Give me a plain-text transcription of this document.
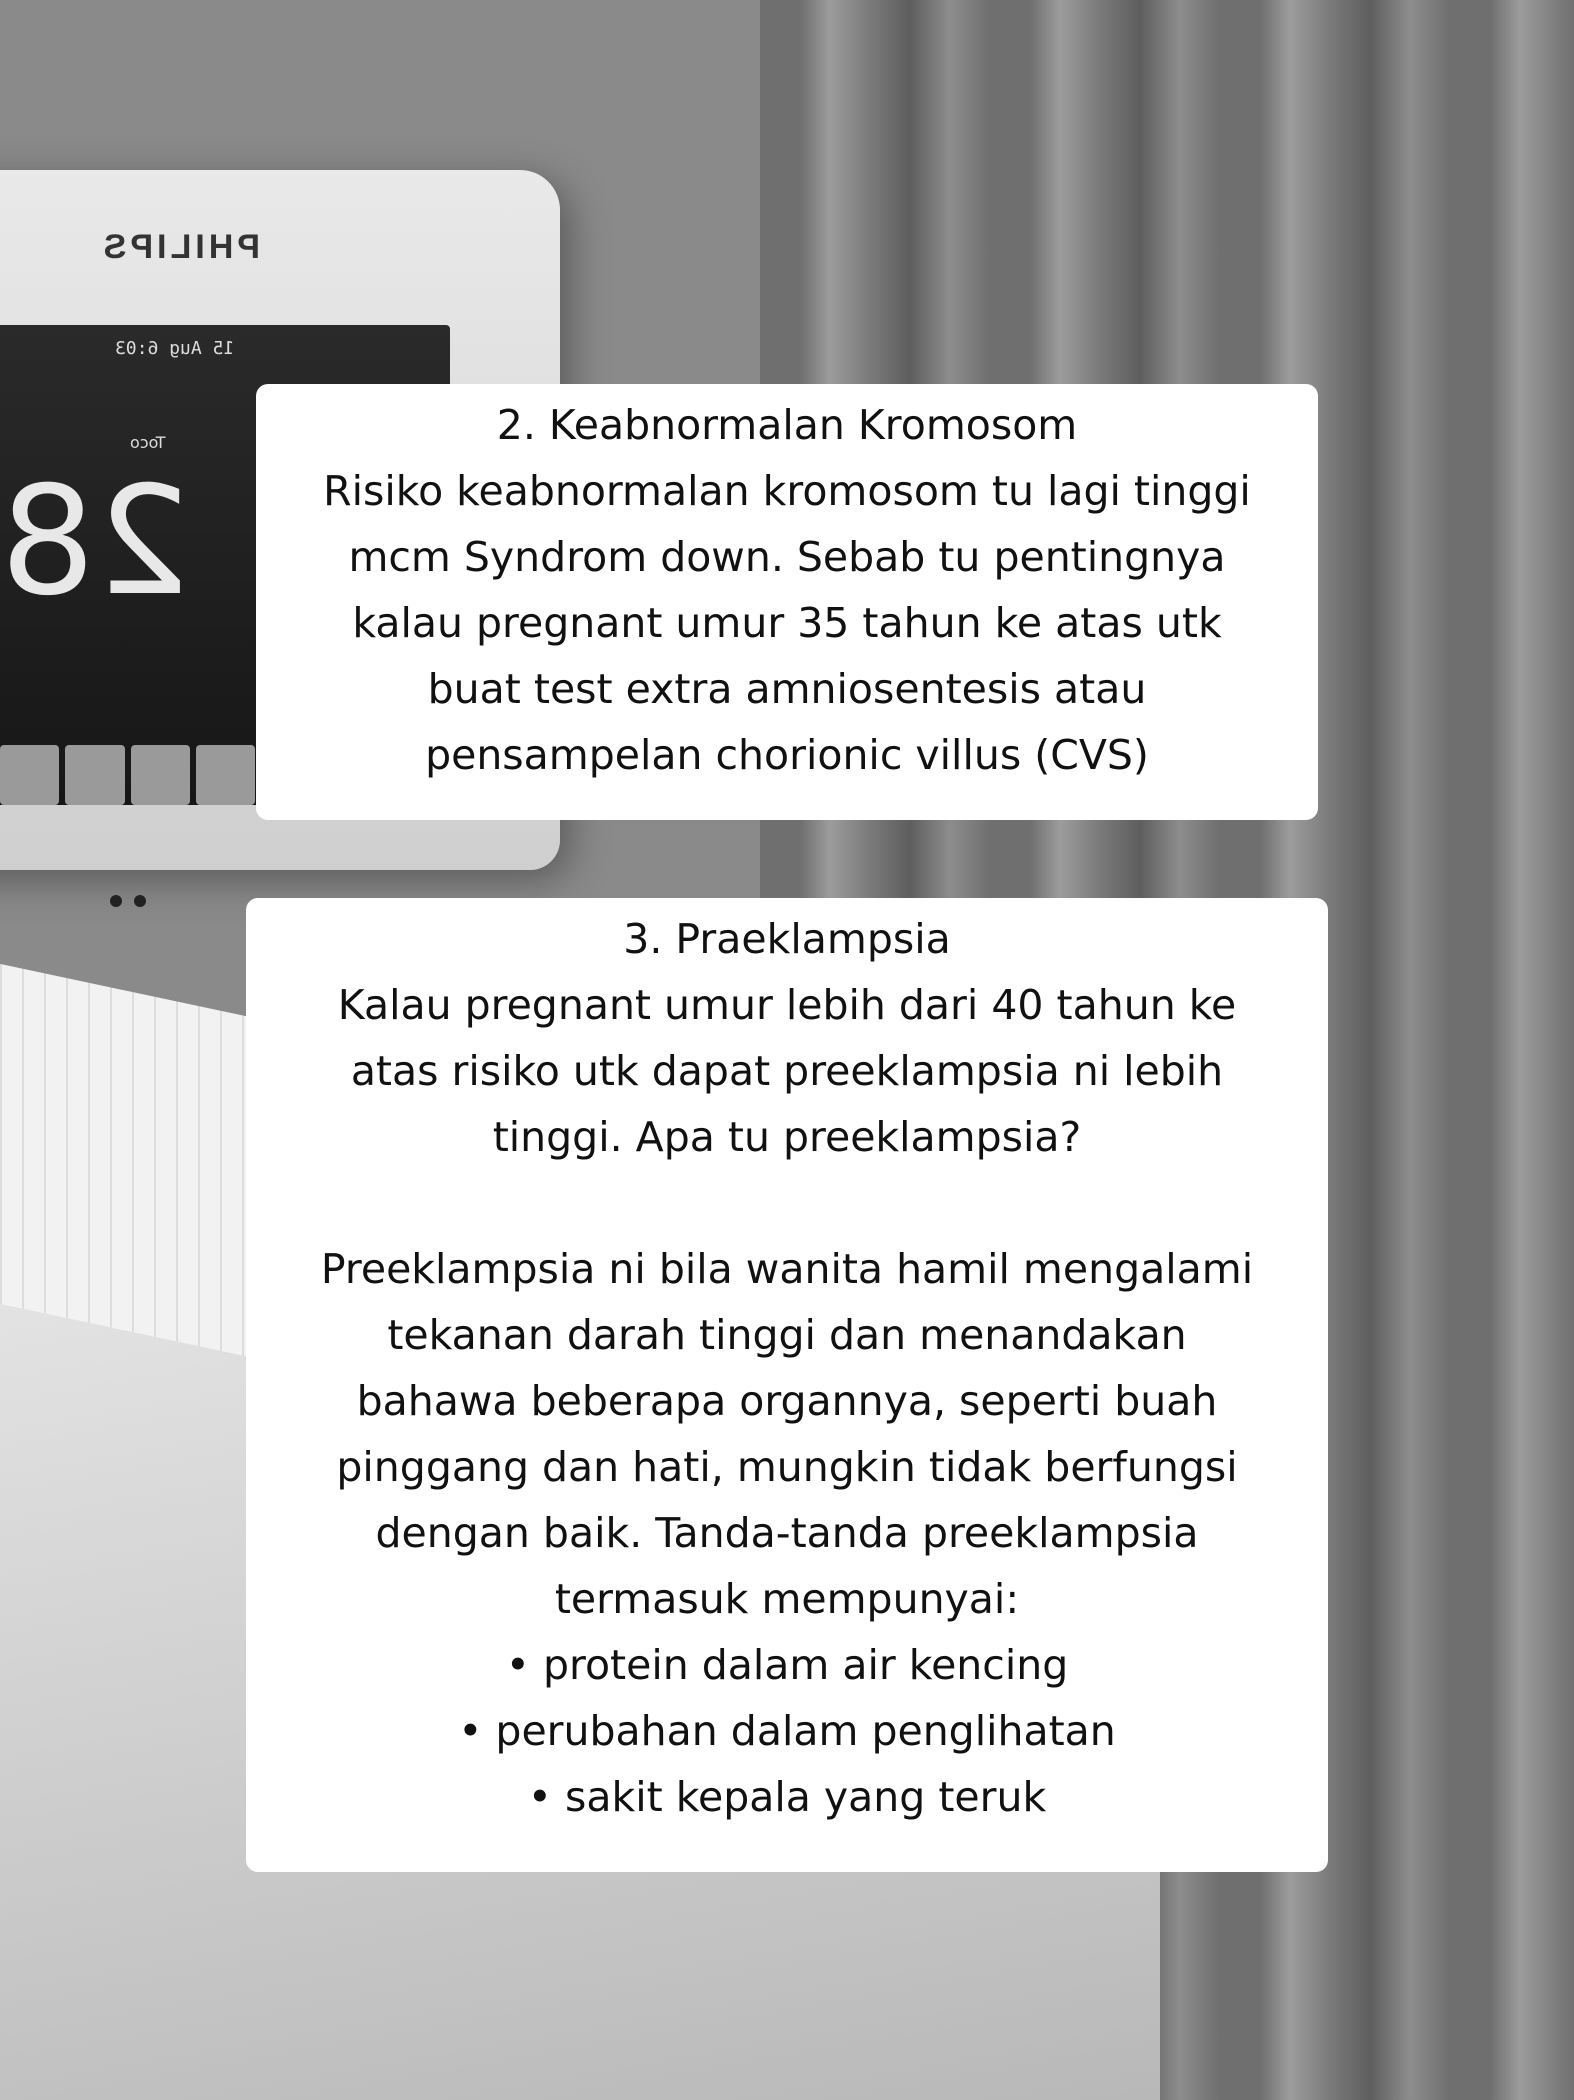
PHILIPS
15 Aug 6:03
Toco
28

2. Keabnormalan Kromosom

Risiko keabnormalan kromosom tu lagi tinggi

mcm Syndrom down. Sebab tu pentingnya

kalau pregnant umur 35 tahun ke atas utk

buat test extra amniosentesis atau

pensampelan chorionic villus (CVS)

3. Praeklampsia

Kalau pregnant umur lebih dari 40 tahun ke

atas risiko utk dapat preeklampsia ni lebih

tinggi. Apa tu preeklampsia?

Preeklampsia ni bila wanita hamil mengalami

tekanan darah tinggi dan menandakan

bahawa beberapa organnya, seperti buah

pinggang dan hati, mungkin tidak berfungsi

dengan baik. Tanda-tanda preeklampsia

termasuk mempunyai:

• protein dalam air kencing
• perubahan dalam penglihatan
• sakit kepala yang teruk
